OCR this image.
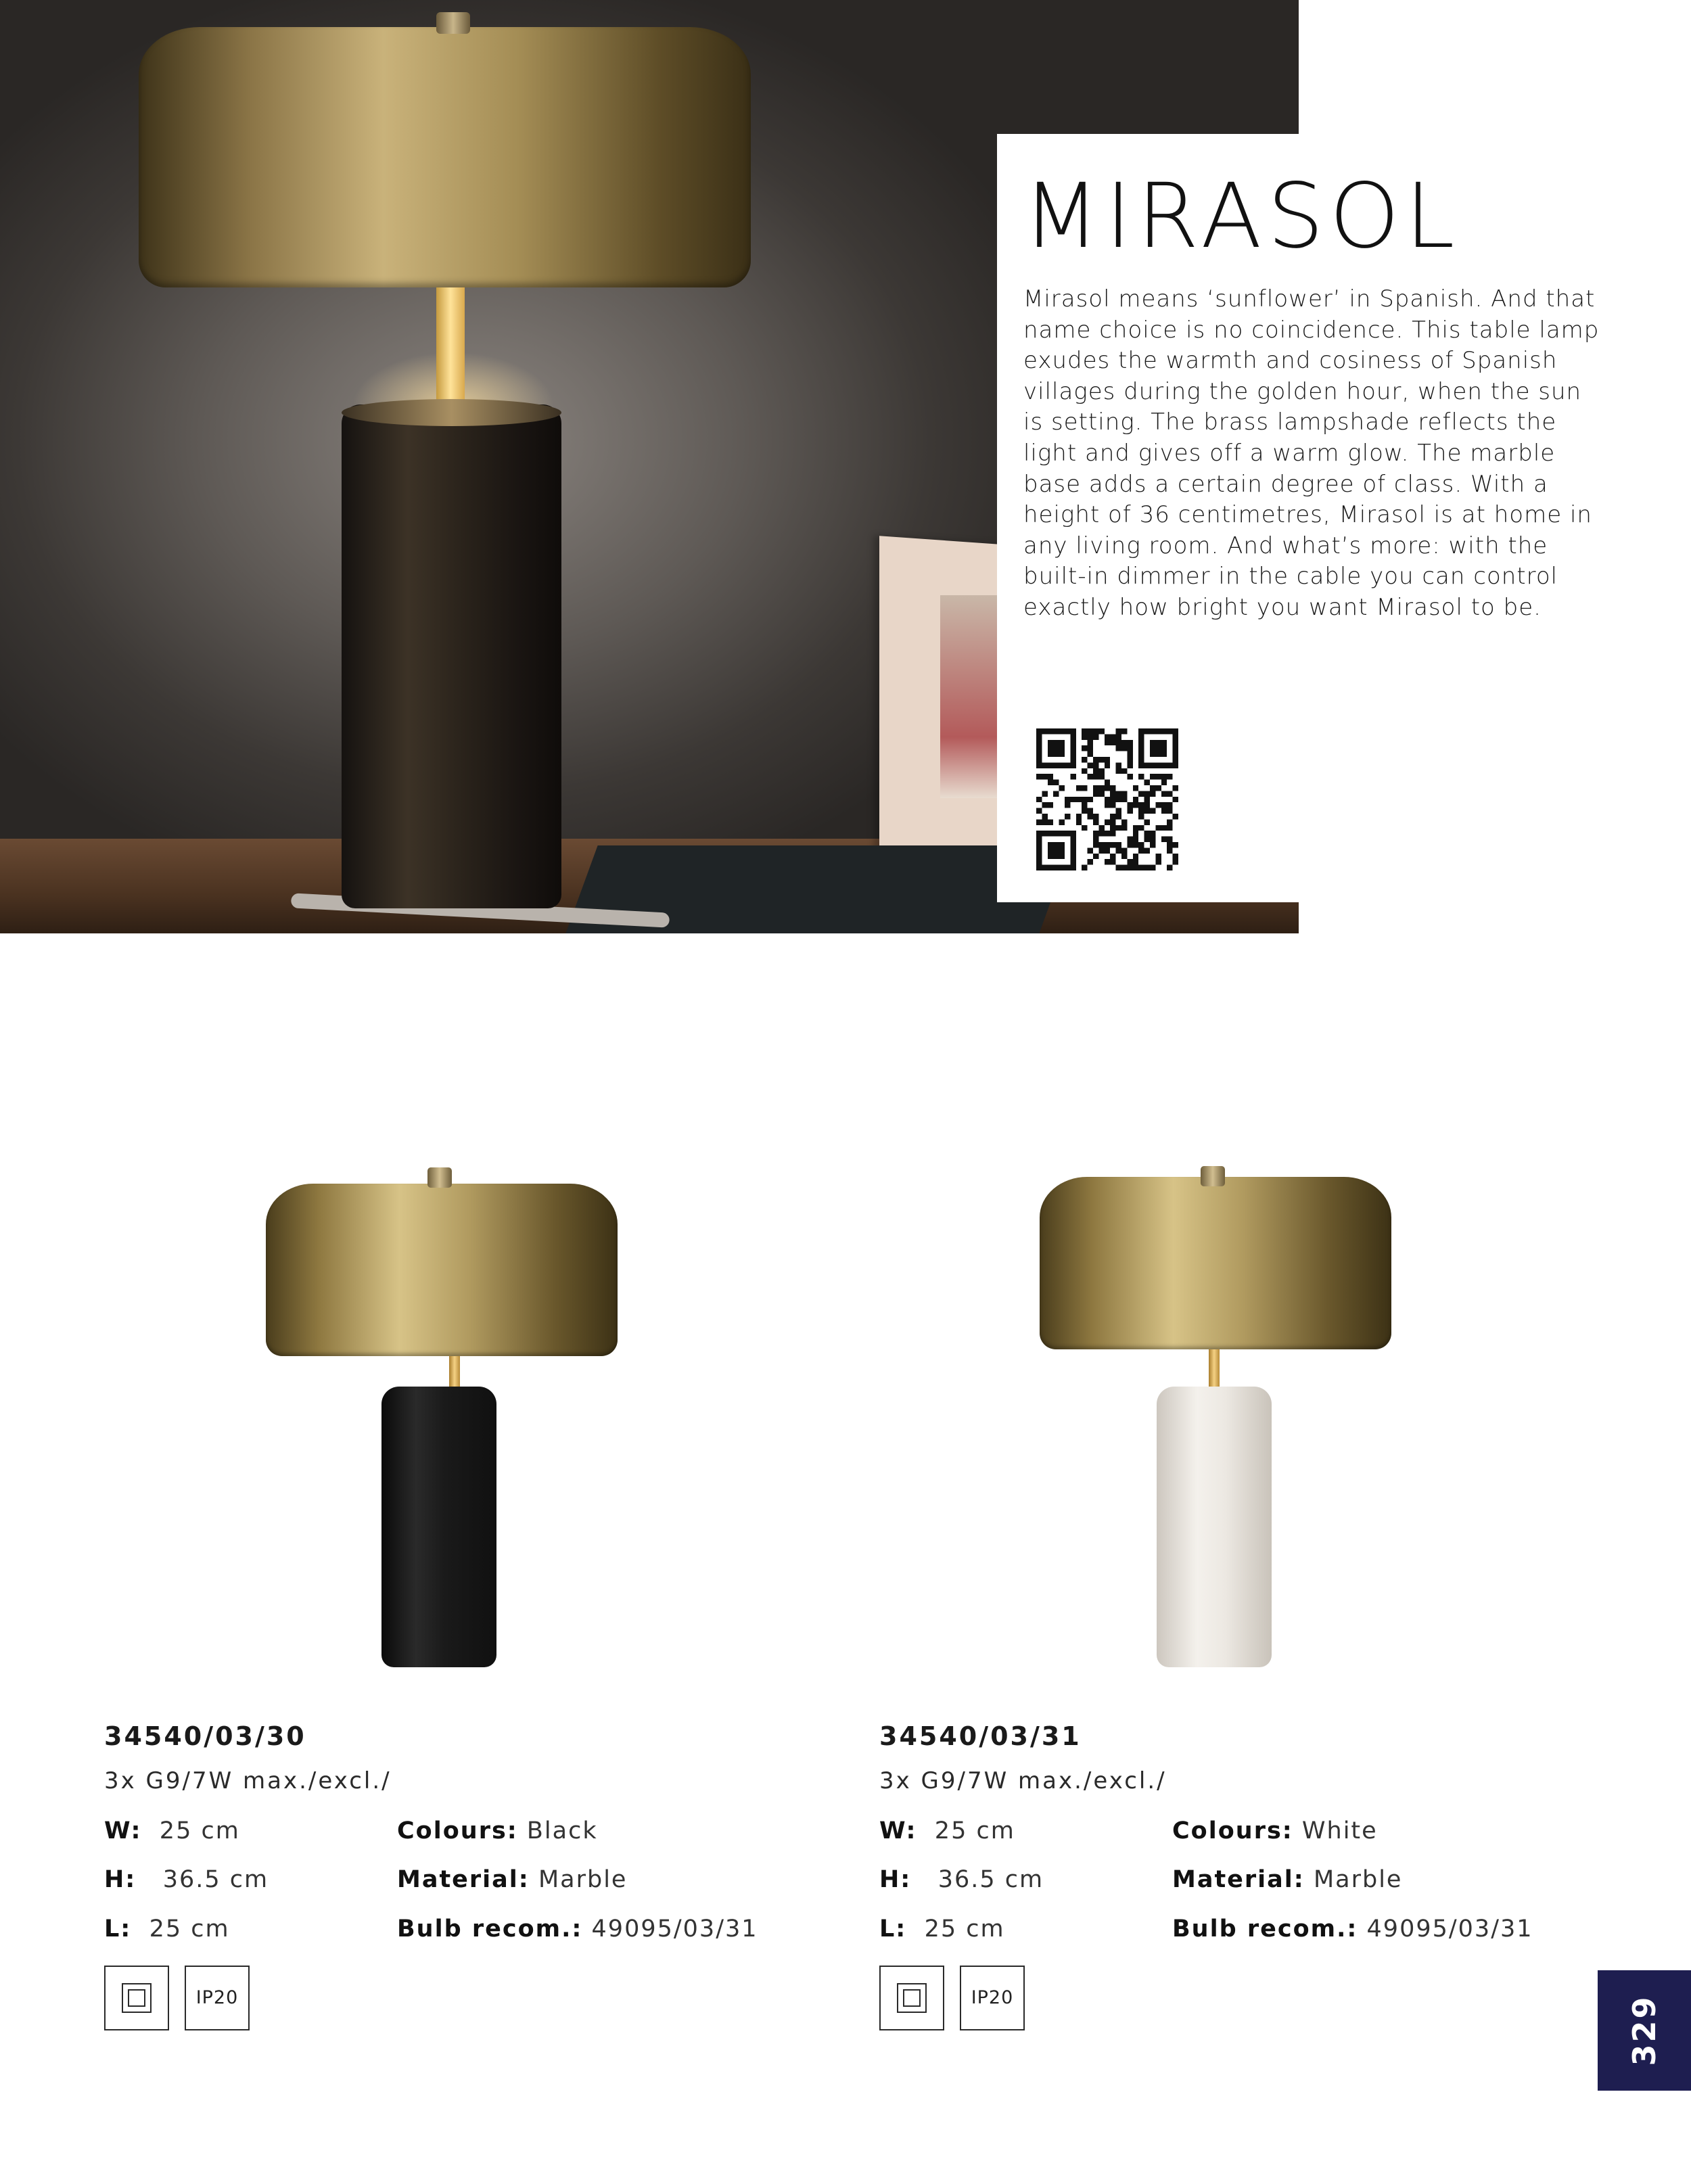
MIRASOL

Mirasol means ‘sunflower’ in Spanish. And that name choice is no coincidence. This table lamp exudes the warmth and cosiness of Spanish villages during the golden hour, when the sun is setting. The brass lampshade reflects the light and gives off a warm glow. The marble base adds a certain degree of class. With a height of 36 centimetres, Mirasol is at home in any living room. And what’s more: with the built-in dimmer in the cable you can control exactly how bright you want Mirasol to be.

34540/03/30
3x G9/7W max./excl./
W: 25 cm
H: 36.5 cm
L: 25 cm
Colours: Black
Material: Marble
Bulb recom.: 49095/03/31
IP20
34540/03/31
3x G9/7W max./excl./
W: 25 cm
H: 36.5 cm
L: 25 cm
Colours: White
Material: Marble
Bulb recom.: 49095/03/31
IP20	329
